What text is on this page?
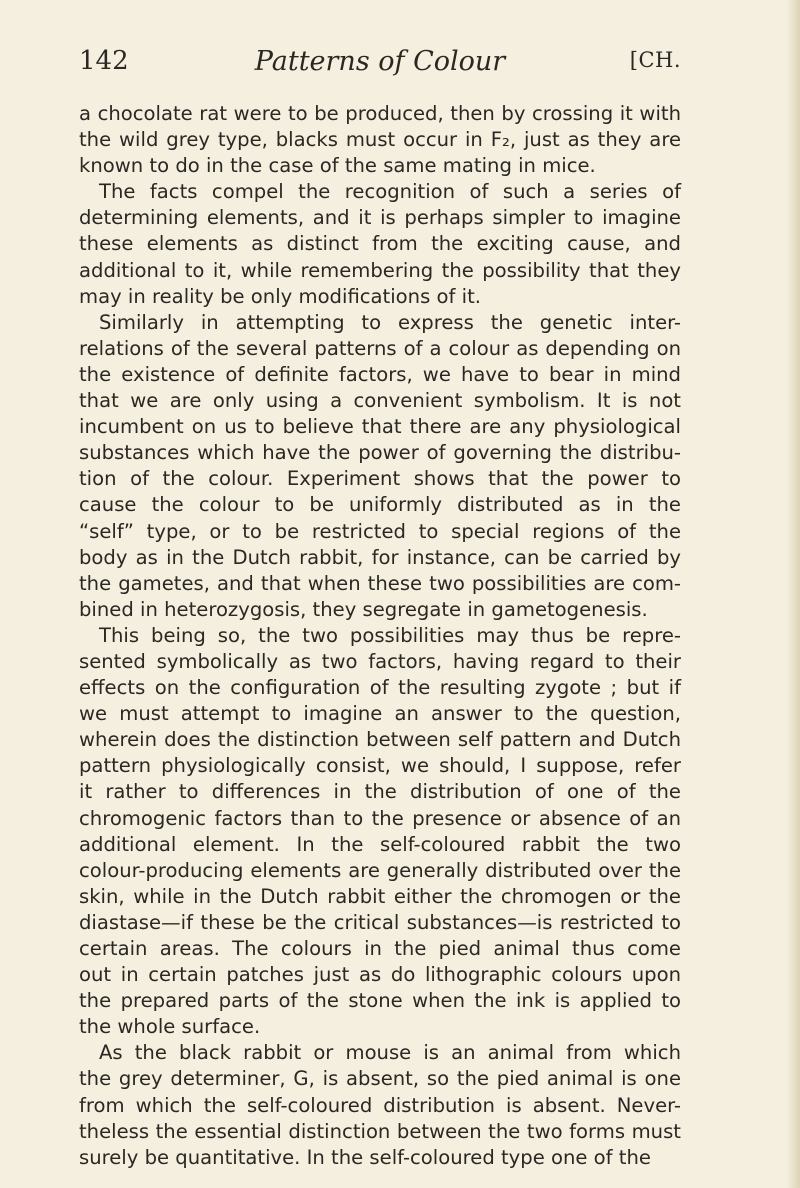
142	Patterns of Colour	[CH.
a chocolate rat were to be produced, then by crossing it with
the wild grey type, blacks must occur in F₂, just as they are
known to do in the case of the same mating in mice.
The facts compel the recognition of such a series of
determining elements, and it is perhaps simpler to imagine
these elements as distinct from the exciting cause, and
additional to it, while remembering the possibility that they
may in reality be only modifications of it.
Similarly in attempting to express the genetic inter-
relations of the several patterns of a colour as depending on
the existence of definite factors, we have to bear in mind
that we are only using a convenient symbolism. It is not
incumbent on us to believe that there are any physiological
substances which have the power of governing the distribu-
tion of the colour. Experiment shows that the power to
cause the colour to be uniformly distributed as in the
“self” type, or to be restricted to special regions of the
body as in the Dutch rabbit, for instance, can be carried by
the gametes, and that when these two possibilities are com-
bined in heterozygosis, they segregate in gametogenesis.
This being so, the two possibilities may thus be repre-
sented symbolically as two factors, having regard to their
effects on the configuration of the resulting zygote ; but if
we must attempt to imagine an answer to the question,
wherein does the distinction between self pattern and Dutch
pattern physiologically consist, we should, I suppose, refer
it rather to differences in the distribution of one of the
chromogenic factors than to the presence or absence of an
additional element. In the self-coloured rabbit the two
colour-producing elements are generally distributed over the
skin, while in the Dutch rabbit either the chromogen or the
diastase—if these be the critical substances—is restricted to
certain areas. The colours in the pied animal thus come
out in certain patches just as do lithographic colours upon
the prepared parts of the stone when the ink is applied to
the whole surface.
As the black rabbit or mouse is an animal from which
the grey determiner, G, is absent, so the pied animal is one
from which the self-coloured distribution is absent. Never-
theless the essential distinction between the two forms must
surely be quantitative. In the self-coloured type one of the
